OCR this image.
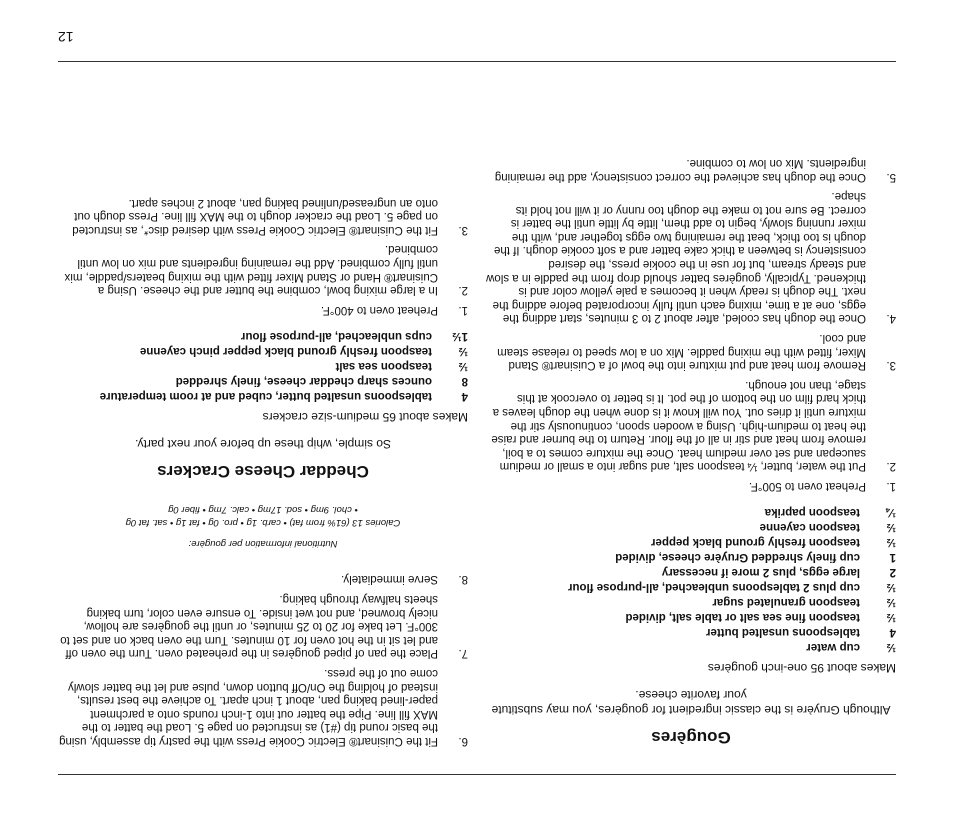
Gougères
Although Gruyère is the classic ingredient for gougères, you may substitute your favorite cheese.
Makes about 95 one-inch gougères
½
cup water
4
tablespoons unsalted butter
½
teaspoon fine sea salt or table salt, divided
½
teaspoon granulated sugar
½
cup plus 2 tablespoons unbleached, all-purpose flour
2
large eggs, plus 2 more if necessary
1
cup finely shredded Gruyère cheese, divided
½
teaspoon freshly ground black pepper
½
teaspoon cayenne
¼
teaspoon paprika
1.
Preheat oven to 500°F.
2.
Put the water, butter, ¼ teaspoon salt, and sugar into a small or medium saucepan and set over medium heat. Once the mixture comes to a boil, remove from heat and stir in all of the flour. Return to the burner and raise the heat to medium-high. Using a wooden spoon, continuously stir the mixture until it dries out. You will know it is done when the dough leaves a thick hard film on the bottom of the pot. It is better to overcook at this stage, than not enough.
3.
Remove from heat and put mixture into the bowl of a Cuisinart® Stand Mixer, fitted with the mixing paddle. Mix on a low speed to release steam and cool.
4.
Once the dough has cooled, after about 2 to 3 minutes, start adding the eggs, one at a time, mixing each until fully incorporated before adding the next. The dough is ready when it becomes a pale yellow color and is thickened. Typically, gougères batter should drop from the paddle in a slow and steady stream, but for use in the cookie press, the desired consistency is between a thick cake batter and a soft cookie dough. If the dough is too thick, beat the remaining two eggs together and, with the mixer running slowly, begin to add them, little by little until the batter is correct. Be sure not to make the dough too runny or it will not hold its shape.
5.
Once the dough has achieved the correct consistency, add the remaining ingredients. Mix on low to combine.
6.
Fit the Cuisinart® Electric Cookie Press with the pastry tip assembly, using the basic round tip (#1) as instructed on page 5. Load the batter to the MAX fill line. Pipe the batter out into 1-inch rounds onto a parchment paper-lined baking pan, about 1 inch apart. To achieve the best results, instead of holding the On/Off button down, pulse and let the batter slowly come out of the press.
7.
Place the pan of piped gougères in the preheated oven. Turn the oven off and let sit in the hot oven for 10 minutes. Turn the oven back on and set to 300°F. Let bake for 20 to 25 minutes, or until the gougères are hollow, nicely browned, and not wet inside. To ensure even color, turn baking sheets halfway through baking.
8.
Serve immediately.
Nutritional information per gougère:
Calories 13 (61% from fat) • carb. 1g • pro. 0g • fat 1g • sat. fat 0g
• chol. 9mg • sod. 17mg • calc. 7mg • fiber 0g
Cheddar Cheese Crackers
So simple, whip these up before your next party.
Makes about 65 medium-size crackers
4
tablespoons unsalted butter, cubed and at room temperature
8
ounces sharp cheddar cheese, finely shredded
½
teaspoon sea salt
½
teaspoon freshly ground black pepper pinch cayenne
1½
cups unbleached, all-purpose flour
1.
Preheat oven to 400°F.
2.
In a large mixing bowl, combine the butter and the cheese. Using a Cuisinart® Hand or Stand Mixer fitted with the mixing beaters/paddle, mix until fully combined. Add the remaining ingredients and mix on low until combined.
3.
Fit the Cuisinart® Electric Cookie Press with desired disc*, as instructed on page 5. Load the cracker dough to the MAX fill line. Press dough out onto an ungreased/unlined baking pan, about 2 inches apart.
12
